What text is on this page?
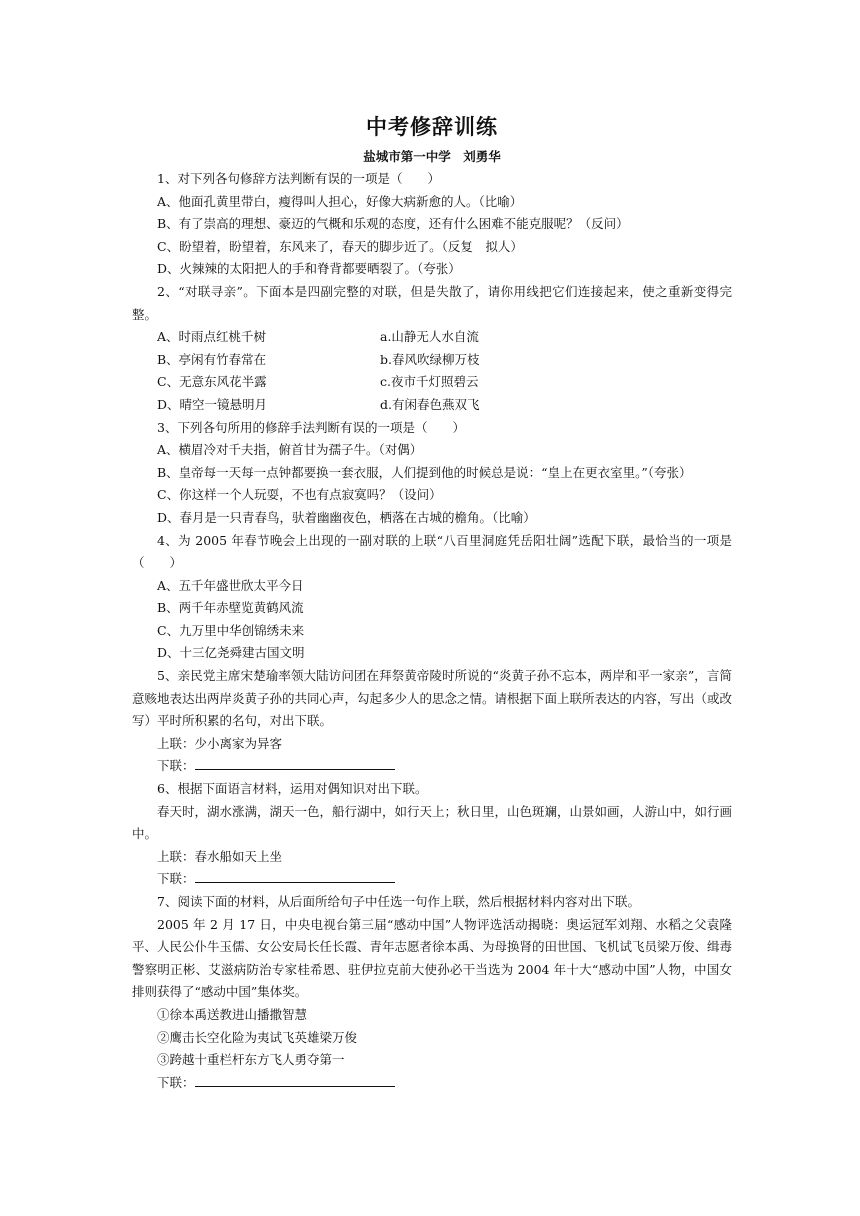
中考修辞训练

盐城市第一中学　刘勇华

1、对下列各句修辞方法判断有误的一项是（　　）

A、他面孔黄里带白，瘦得叫人担心，好像大病新愈的人。（比喻）

B、有了崇高的理想、豪迈的气概和乐观的态度，还有什么困难不能克服呢？（反问）

C、盼望着，盼望着，东风来了，春天的脚步近了。（反复　拟人）

D、火辣辣的太阳把人的手和脊背都要晒裂了。（夸张）

2、“对联寻亲”。下面本是四副完整的对联，但是失散了，请你用线把它们连接起来，使之重新变得完整。

A、时雨点红桃千树	a.山静无人水自流
B、亭闲有竹春常在	b.春风吹绿柳万枝
C、无意东风花半露	c.夜市千灯照碧云
D、晴空一镜悬明月	d.有闲春色燕双飞

3、下列各句所用的修辞手法判断有误的一项是（　　）

A、横眉冷对千夫指，俯首甘为孺子牛。（对偶）

B、皇帝每一天每一点钟都要换一套衣服，人们提到他的时候总是说：“皇上在更衣室里。”（夸张）

C、你这样一个人玩耍，不也有点寂寞吗？（设问）

D、春月是一只青春鸟，驮着幽幽夜色，栖落在古城的檐角。（比喻）

4、为 2005 年春节晚会上出现的一副对联的上联“八百里洞庭凭岳阳壮阔”选配下联，最恰当的一项是（　　）

A、五千年盛世欣太平今日

B、两千年赤壁览黄鹤风流

C、九万里中华创锦绣未来

D、十三亿尧舜建古国文明

5、亲民党主席宋楚瑜率领大陆访问团在拜祭黄帝陵时所说的“炎黄子孙不忘本，两岸和平一家亲”，言简意赅地表达出两岸炎黄子孙的共同心声，勾起多少人的思念之情。请根据下面上联所表达的内容，写出（或改写）平时所积累的名句，对出下联。

上联：少小离家为异客

下联：

6、根据下面语言材料，运用对偶知识对出下联。

春天时，湖水涨满，湖天一色，船行湖中，如行天上；秋日里，山色斑斓，山景如画，人游山中，如行画中。

上联：春水船如天上坐

下联：

7、阅读下面的材料，从后面所给句子中任选一句作上联，然后根据材料内容对出下联。

2005 年 2 月 17 日，中央电视台第三届“感动中国”人物评选活动揭晓：奥运冠军刘翔、水稻之父袁隆平、人民公仆牛玉儒、女公安局长任长霞、青年志愿者徐本禹、为母换肾的田世国、飞机试飞员梁万俊、缉毒警察明正彬、艾滋病防治专家桂希恩、驻伊拉克前大使孙必干当选为 2004 年十大“感动中国”人物，中国女排则获得了“感动中国”集体奖。

①徐本禹送教进山播撒智慧

②鹰击长空化险为夷试飞英雄梁万俊

③跨越十重栏杆东方飞人勇夺第一

下联：
